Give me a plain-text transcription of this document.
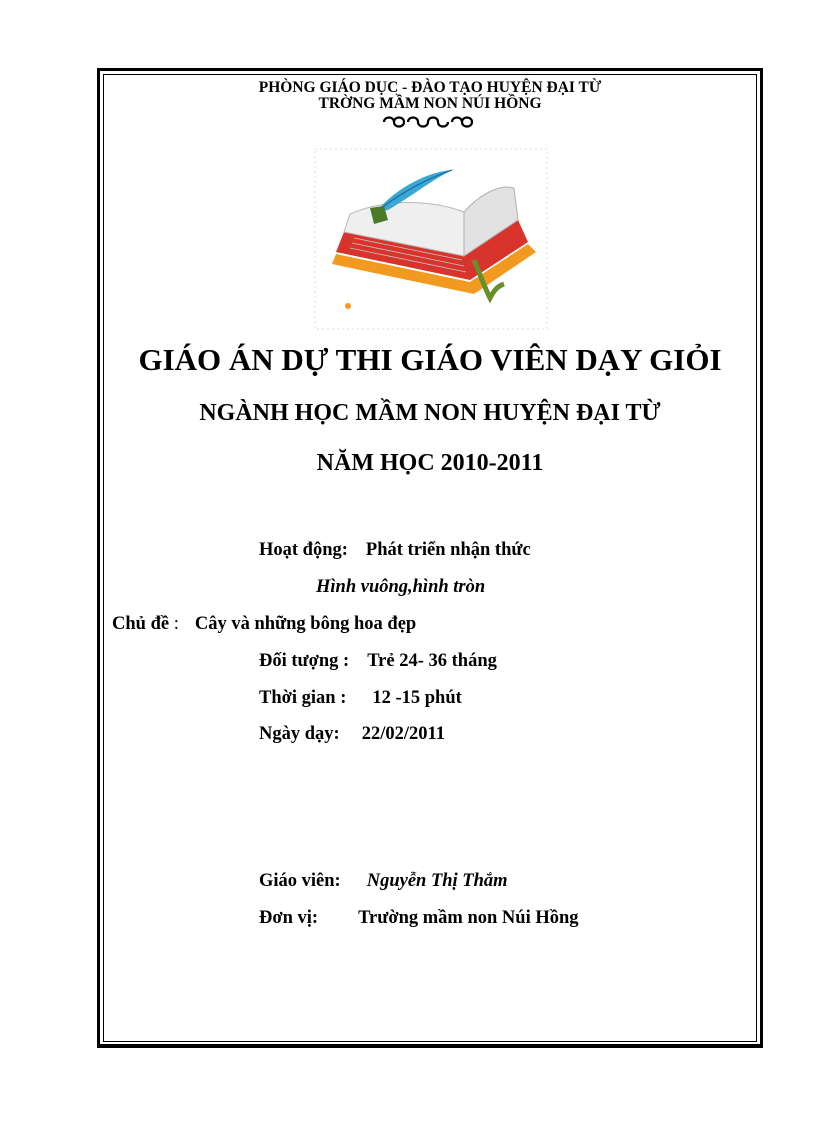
PHÒNG GIÁO DỤC - ĐÀO TẠO HUYỆN ĐẠI TỪ
TRỜNG MẦM NON NÚI HỒNG
GIÁO ÁN DỰ THI GIÁO VIÊN DẠY GIỎI
NGÀNH HỌC MẦM NON HUYỆN ĐẠI TỪ
NĂM HỌC 2010-2011
Hoạt động: Phát triển nhận thức
Hình vuông,hình tròn
Chủ đề : Cây và những bông hoa đẹp
Đối tượng : Trẻ 24- 36 tháng
Thời gian : 12 -15 phút
Ngày dạy: 22/02/2011
Giáo viên: Nguyễn Thị Thắm
Đơn vị: Trường mầm non Núi Hồng
